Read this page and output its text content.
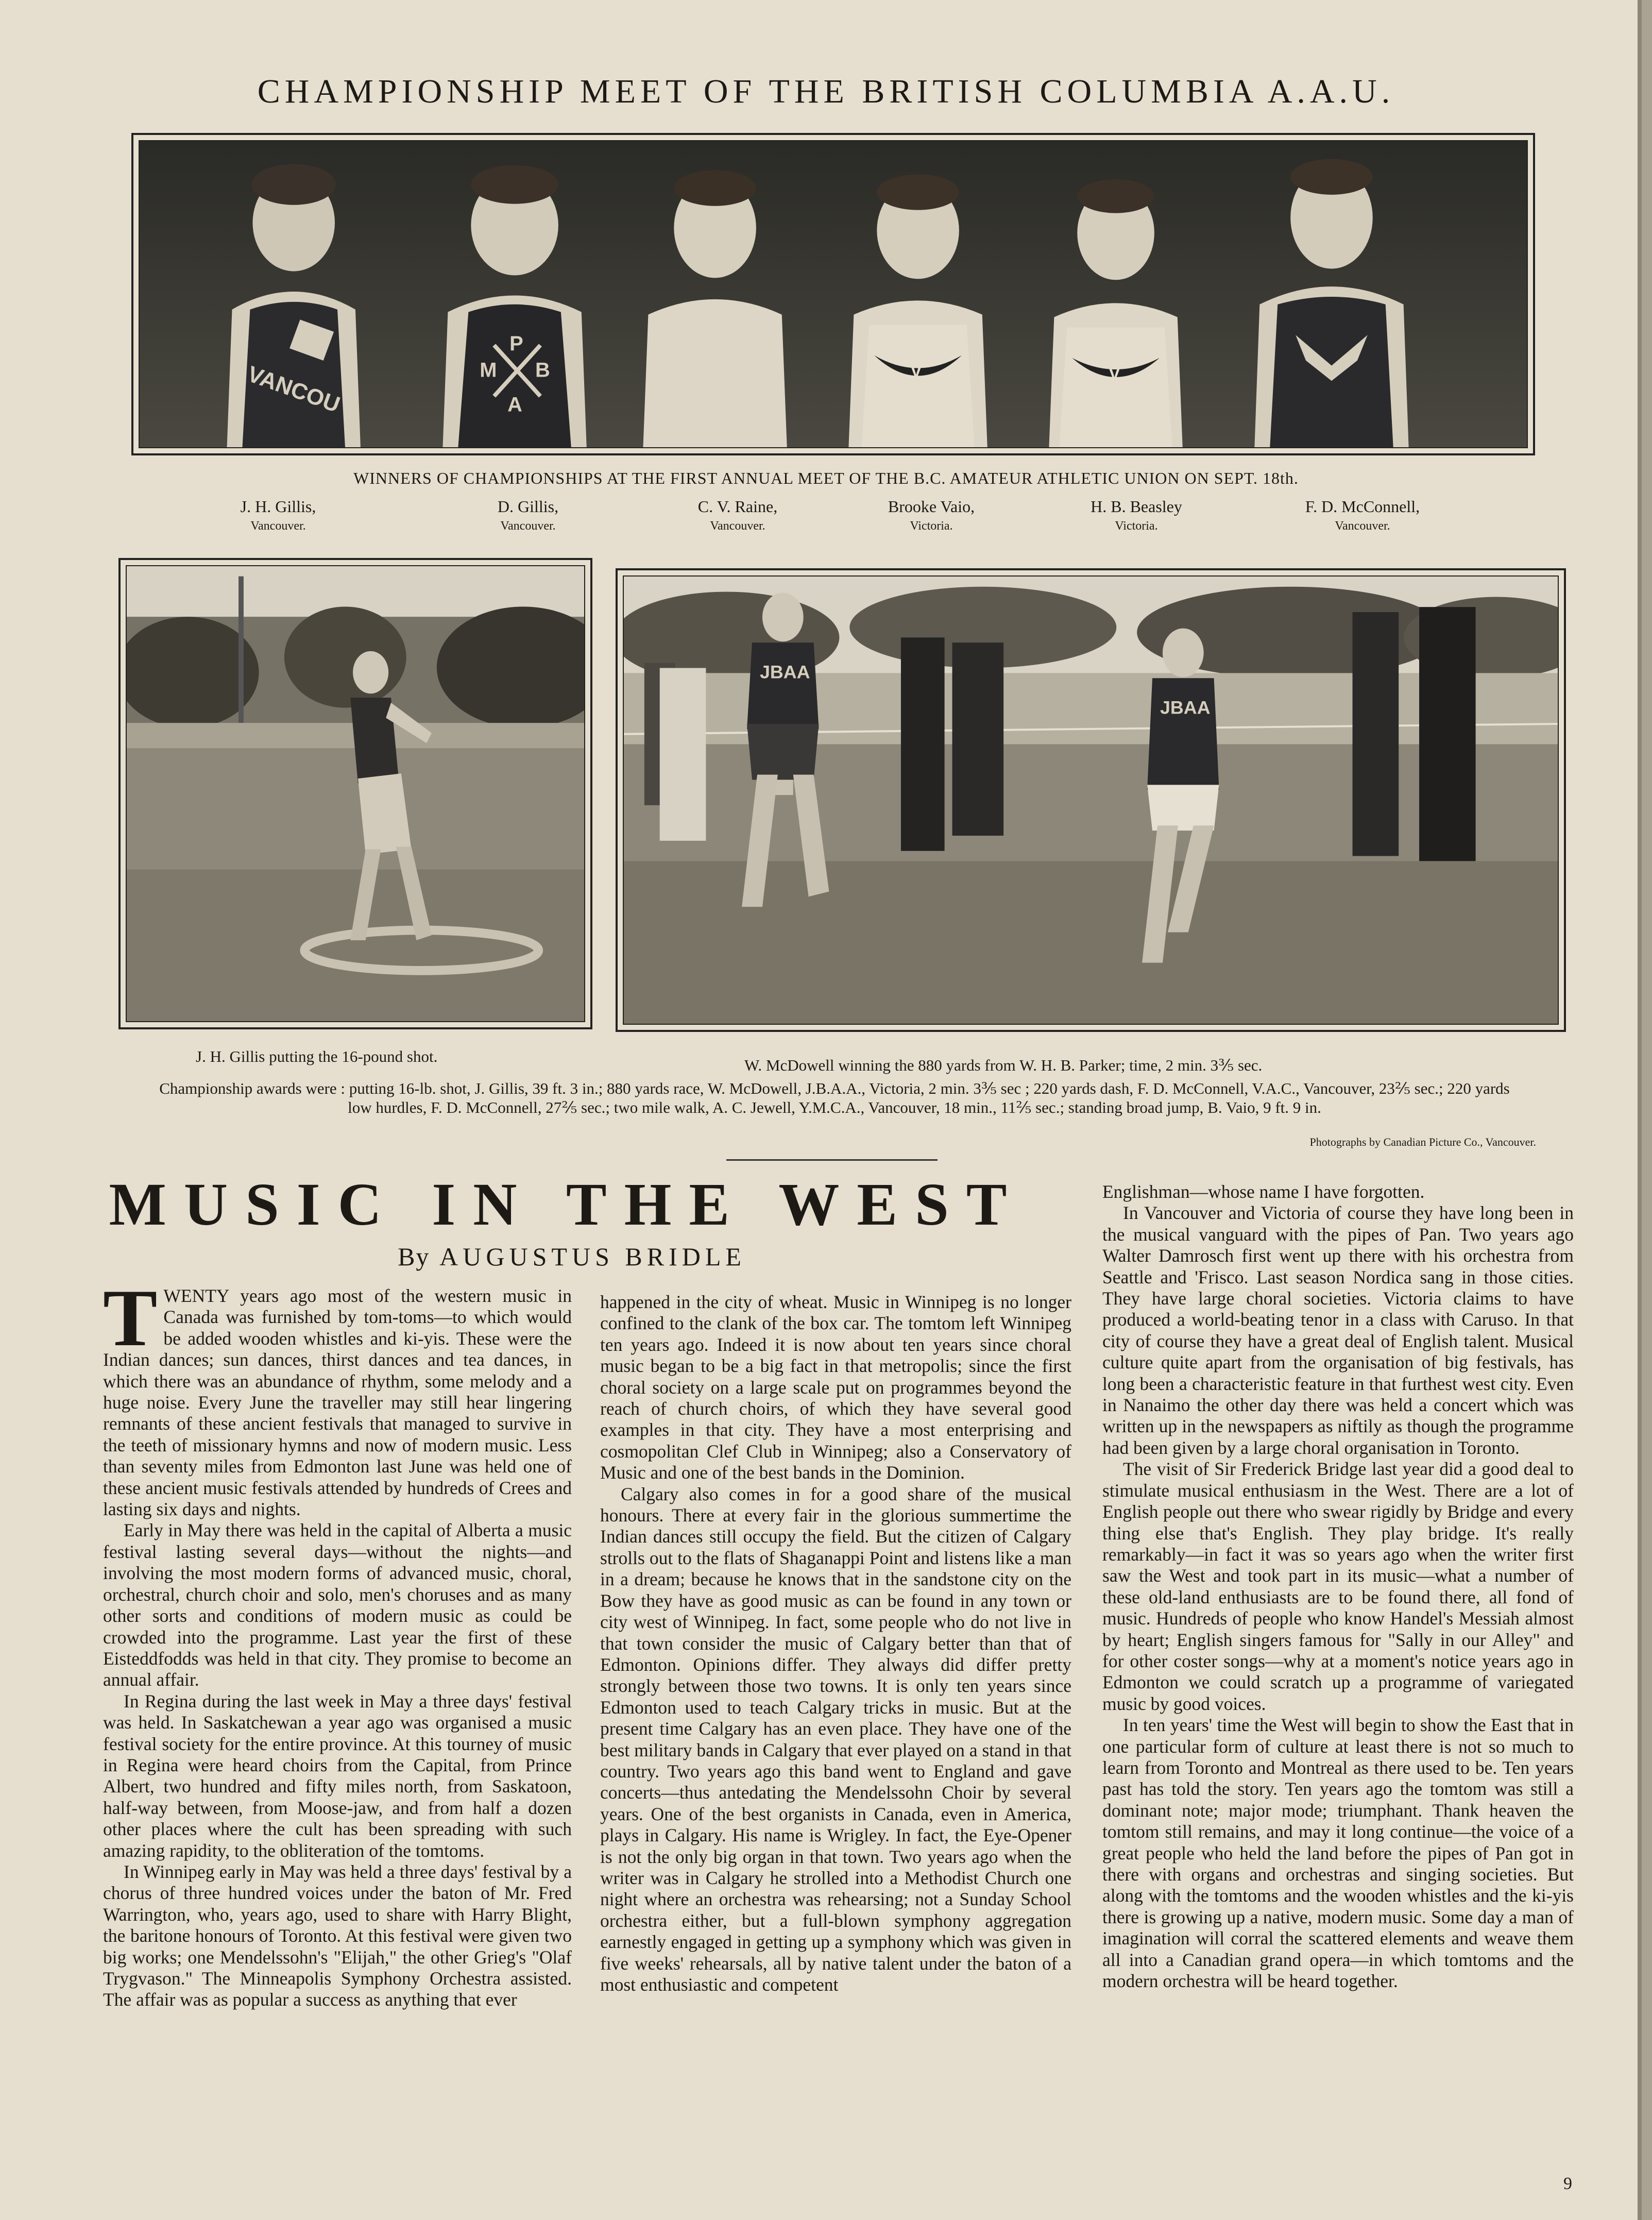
CHAMPIONSHIP MEET OF THE BRITISH COLUMBIA A.A.U.
VANCOU	M B
A
P
V	V
WINNERS OF CHAMPIONSHIPS AT THE FIRST ANNUAL MEET OF THE B.C. AMATEUR ATHLETIC UNION ON SEPT. 18th.
J. H. Gillis,
Vancouver.
D. Gillis,
Vancouver.
C. V. Raine,
Vancouver.
Brooke Vaio,
Victoria.
H. B. Beasley
Victoria.
F. D. McConnell,
Vancouver.
JBAA
JBAA
J. H. Gillis putting the 16-pound shot.	W. McDowell winning the 880 yards from W. H. B. Parker; time, 2 min. 3⅗ sec.
Championship awards were : putting 16-lb. shot, J. Gillis, 39 ft. 3 in.; 880 yards race, W. McDowell, J.B.A.A., Victoria, 2 min. 3⅗ sec ; 220 yards dash, F. D. McConnell, V.A.C., Vancouver, 23⅖ sec.; 220 yards low hurdles, F. D. McConnell, 27⅖ sec.; two mile walk, A. C. Jewell, Y.M.C.A., Vancouver, 18 min., 11⅖ sec.; standing broad jump, B. Vaio, 9 ft. 9 in.
Photographs by Canadian Picture Co., Vancouver.
MUSIC IN THE WEST
By AUGUSTUS BRIDLE

TWENTY years ago most of the western music in Canada was furnished by tom-toms—to which would be added wooden whistles and ki-yis. These were the Indian dances; sun dances, thirst dances and tea dances, in which there was an abundance of rhythm, some melody and a huge noise. Every June the traveller may still hear lingering remnants of these ancient festivals that managed to survive in the teeth of missionary hymns and now of modern music. Less than seventy miles from Edmonton last June was held one of these ancient music festivals attended by hundreds of Crees and lasting six days and nights.

Early in May there was held in the capital of Alberta a music festival lasting several days—without the nights—and involving the most modern forms of advanced music, choral, orchestral, church choir and solo, men's choruses and as many other sorts and conditions of modern music as could be crowded into the programme. Last year the first of these Eisteddfodds was held in that city. They promise to become an annual affair.

In Regina during the last week in May a three days' festival was held. In Saskatchewan a year ago was organised a music festival society for the entire province. At this tourney of music in Regina were heard choirs from the Capital, from Prince Albert, two hundred and fifty miles north, from Saskatoon, half-way between, from Moose-jaw, and from half a dozen other places where the cult has been spreading with such amazing rapidity, to the obliteration of the tomtoms.

In Winnipeg early in May was held a three days' festival by a chorus of three hundred voices under the baton of Mr. Fred Warrington, who, years ago, used to share with Harry Blight, the baritone honours of Toronto. At this festival were given two big works; one Mendelssohn's "Elijah," the other Grieg's "Olaf Trygvason." The Minneapolis Symphony Orchestra assisted. The affair was as popular a success as anything that ever

happened in the city of wheat. Music in Winnipeg is no longer confined to the clank of the box car. The tomtom left Winnipeg ten years ago. Indeed it is now about ten years since choral music began to be a big fact in that metropolis; since the first choral society on a large scale put on programmes beyond the reach of church choirs, of which they have several good examples in that city. They have a most enterprising and cosmopolitan Clef Club in Winnipeg; also a Conservatory of Music and one of the best bands in the Dominion.

Calgary also comes in for a good share of the musical honours. There at every fair in the glorious summertime the Indian dances still occupy the field. But the citizen of Calgary strolls out to the flats of Shaganappi Point and listens like a man in a dream; because he knows that in the sandstone city on the Bow they have as good music as can be found in any town or city west of Winnipeg. In fact, some people who do not live in that town consider the music of Calgary better than that of Edmonton. Opinions differ. They always did differ pretty strongly between those two towns. It is only ten years since Edmonton used to teach Calgary tricks in music. But at the present time Calgary has an even place. They have one of the best military bands in Calgary that ever played on a stand in that country. Two years ago this band went to England and gave concerts—thus antedating the Mendelssohn Choir by several years. One of the best organists in Canada, even in America, plays in Calgary. His name is Wrigley. In fact, the Eye-Opener is not the only big organ in that town. Two years ago when the writer was in Calgary he strolled into a Methodist Church one night where an orchestra was rehearsing; not a Sunday School orchestra either, but a full-blown symphony aggregation earnestly engaged in getting up a symphony which was given in five weeks' rehearsals, all by native talent under the baton of a most enthusiastic and competent

Englishman—whose name I have forgotten.

In Vancouver and Victoria of course they have long been in the musical vanguard with the pipes of Pan. Two years ago Walter Damrosch first went up there with his orchestra from Seattle and 'Frisco. Last season Nordica sang in those cities. They have large choral societies. Victoria claims to have produced a world-beating tenor in a class with Caruso. In that city of course they have a great deal of English talent. Musical culture quite apart from the organisation of big festivals, has long been a characteristic feature in that furthest west city. Even in Nanaimo the other day there was held a concert which was written up in the newspapers as niftily as though the programme had been given by a large choral organisation in Toronto.

The visit of Sir Frederick Bridge last year did a good deal to stimulate musical enthusiasm in the West. There are a lot of English people out there who swear rigidly by Bridge and every thing else that's English. They play bridge. It's really remarkably—in fact it was so years ago when the writer first saw the West and took part in its music—what a number of these old-land enthusiasts are to be found there, all fond of music. Hundreds of people who know Handel's Messiah almost by heart; English singers famous for "Sally in our Alley" and for other coster songs—why at a moment's notice years ago in Edmonton we could scratch up a programme of variegated music by good voices.

In ten years' time the West will begin to show the East that in one particular form of culture at least there is not so much to learn from Toronto and Montreal as there used to be. Ten years past has told the story. Ten years ago the tomtom was still a dominant note; major mode; triumphant. Thank heaven the tomtom still remains, and may it long continue—the voice of a great people who held the land before the pipes of Pan got in there with organs and orchestras and singing societies. But along with the tomtoms and the wooden whistles and the ki-yis there is growing up a native, modern music. Some day a man of imagination will corral the scattered elements and weave them all into a Canadian grand opera—in which tomtoms and the modern orchestra will be heard together.

9
